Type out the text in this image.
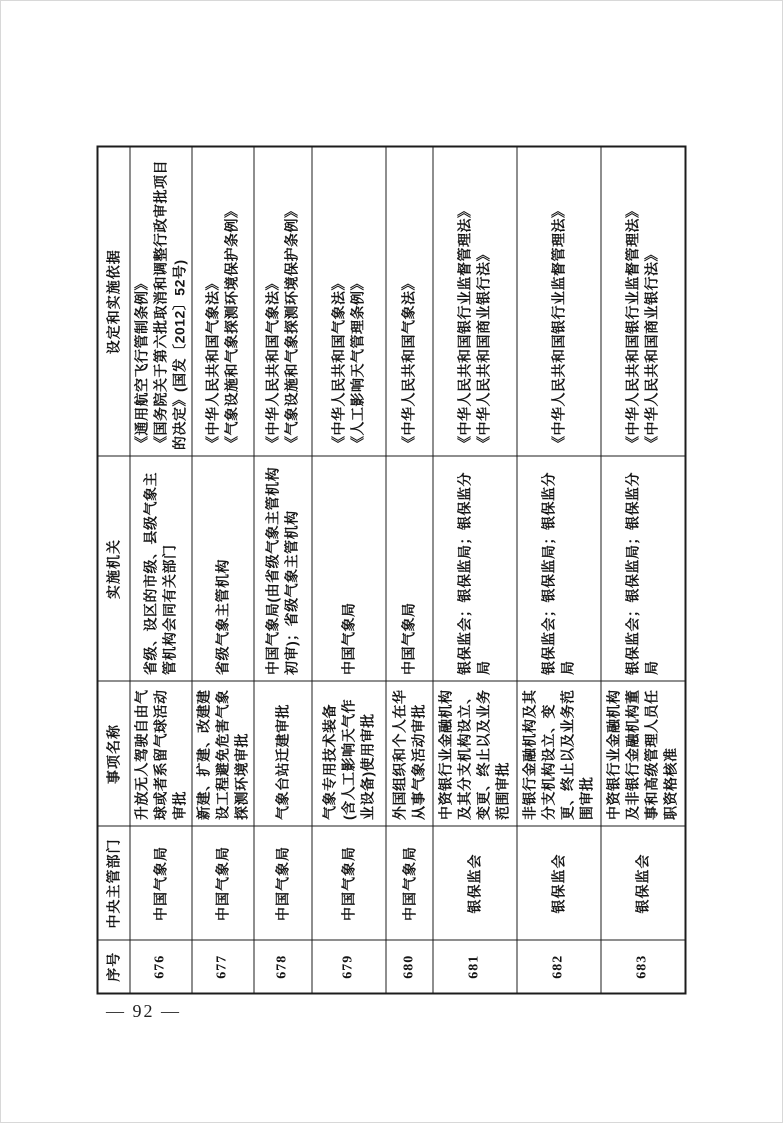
序号	中央主管部门	事项名称	实施机关	设定和实施依据
676	中国气象局	升放无人驾驶自由气球或者系留气球活动审批	省级、设区的市级、县级气象主管机构会同有关部门	《通用航空飞行管制条例》 《国务院关于第六批取消和调整行政审批项目的决定》(国发〔2012〕52号)

677	中国气象局	新建、扩建、改建建设工程避免危害气象探测环境审批	省级气象主管机构	《中华人民共和国气象法》 《气象设施和气象探测环境保护条例》

678	中国气象局	气象台站迁建审批	中国气象局(由省级气象主管机构初审)；省级气象主管机构	《中华人民共和国气象法》 《气象设施和气象探测环境保护条例》

679	中国气象局	气象专用技术装备(含人工影响天气作业设备)使用审批	中国气象局	《中华人民共和国气象法》 《人工影响天气管理条例》

680	中国气象局	外国组织和个人在华从事气象活动审批	中国气象局	《中华人民共和国气象法》

681	银保监会	中资银行业金融机构及其分支机构设立、变更、终止以及业务范围审批	银保监会；银保监局；银保监分局	《中华人民共和国银行业监督管理法》 《中华人民共和国商业银行法》

682	银保监会	非银行金融机构及其分支机构设立、变更、终止以及业务范围审批	银保监会；银保监局；银保监分局	《中华人民共和国银行业监督管理法》

683	银保监会	中资银行业金融机构及非银行金融机构董事和高级管理人员任职资格核准	银保监会；银保监局；银保监分局	《中华人民共和国银行业监督管理法》 《中华人民共和国商业银行法》
— 92 —
